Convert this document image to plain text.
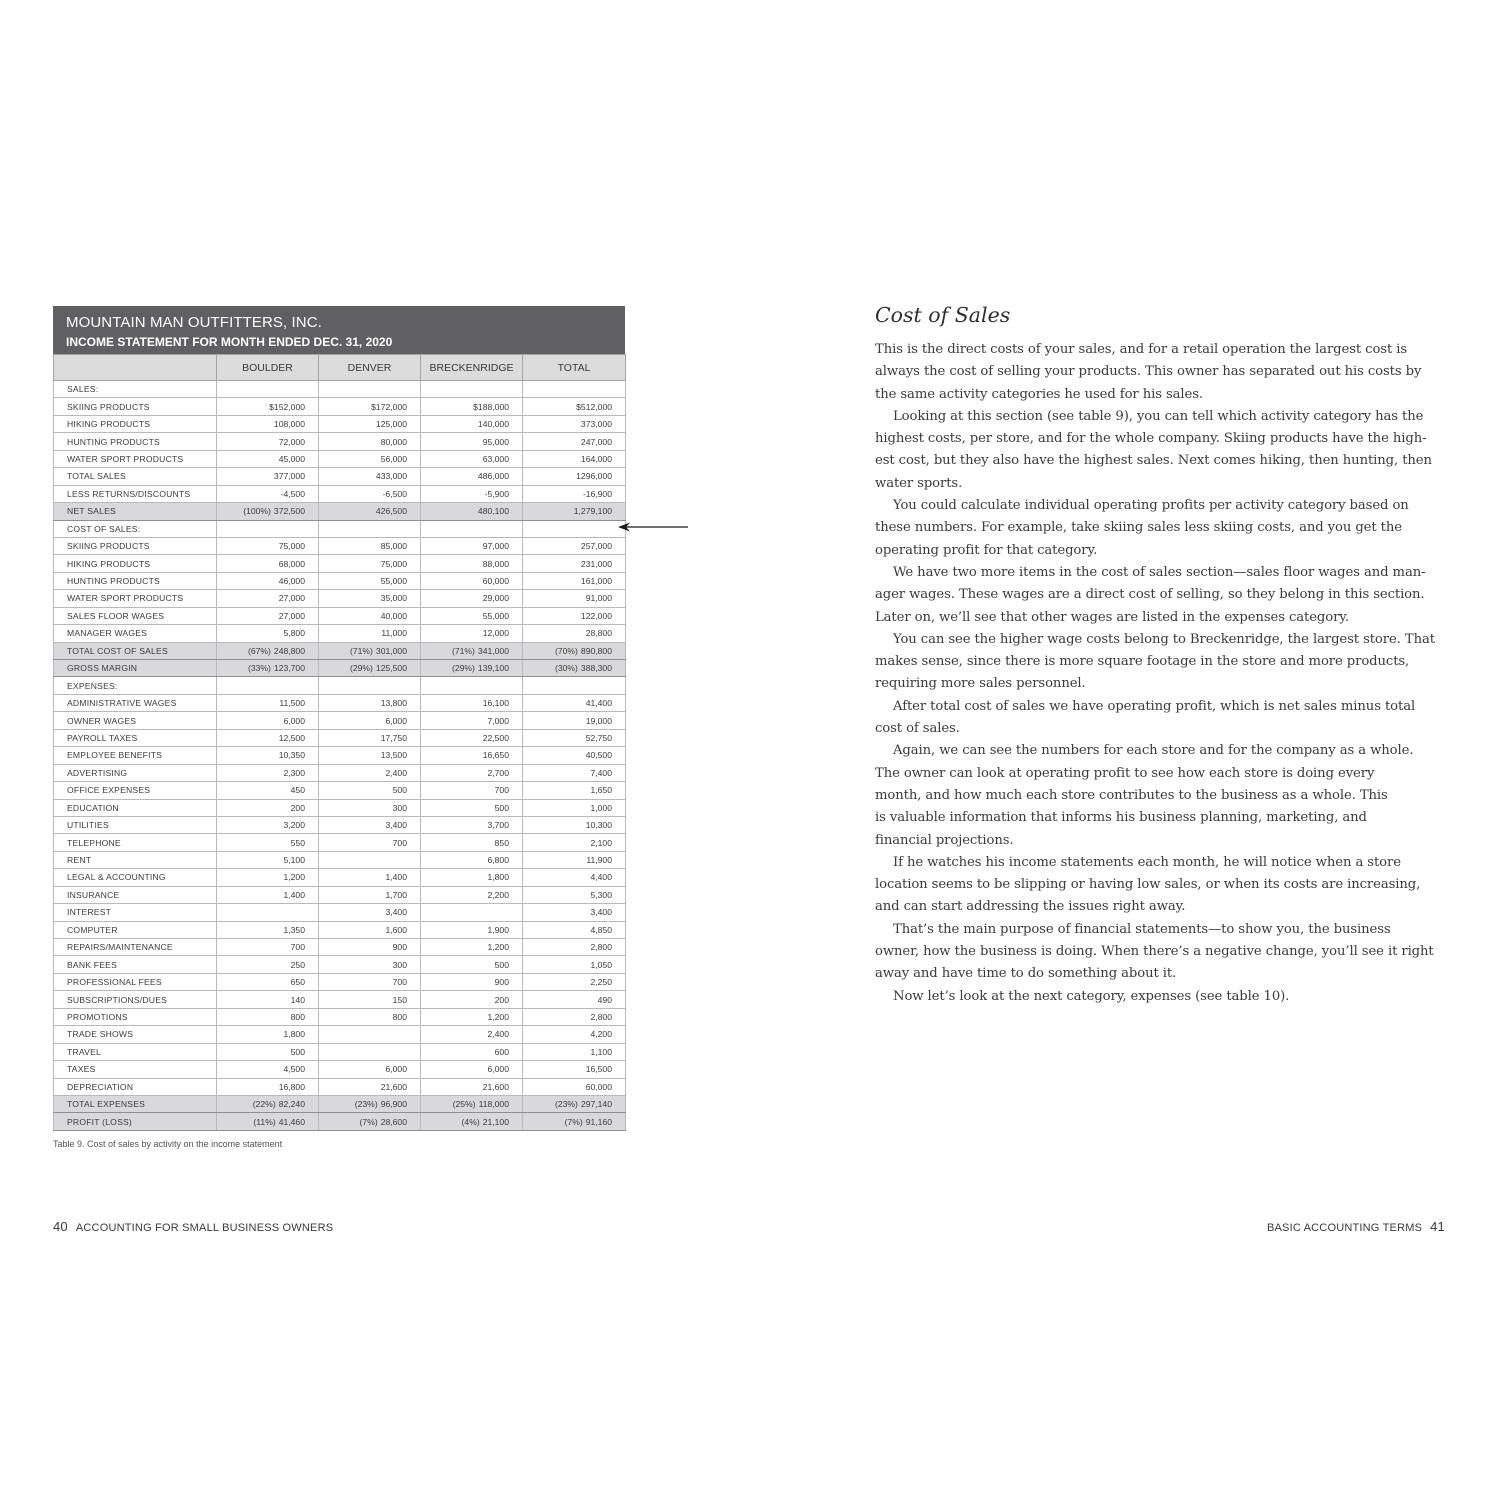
MOUNTAIN MAN OUTFITTERS, INC.
INCOME STATEMENT FOR MONTH ENDED DEC. 31, 2020
	BOULDER	DENVER	BRECKENRIDGE	TOTAL
SALES:				
SKIING PRODUCTS	$152,000	$172,000	$188,000	$512,000
HIKING PRODUCTS	108,000	125,000	140,000	373,000
HUNTING PRODUCTS	72,000	80,000	95,000	247,000
WATER SPORT PRODUCTS	45,000	56,000	63,000	164,000
TOTAL SALES	377,000	433,000	486,000	1296,000
LESS RETURNS/DISCOUNTS	-4,500	-6,500	-5,900	-16,900
NET SALES	(100%) 372,500	426,500	480,100	1,279,100
COST OF SALES:				
SKIING PRODUCTS	75,000	85,000	97,000	257,000
HIKING PRODUCTS	68,000	75,000	88,000	231,000
HUNTING PRODUCTS	46,000	55,000	60,000	161,000
WATER SPORT PRODUCTS	27,000	35,000	29,000	91,000
SALES FLOOR WAGES	27,000	40,000	55,000	122,000
MANAGER WAGES	5,800	11,000	12,000	28,800
TOTAL COST OF SALES	(67%) 248,800	(71%) 301,000	(71%) 341,000	(70%) 890,800
GROSS MARGIN	(33%) 123,700	(29%) 125,500	(29%) 139,100	(30%) 388,300
EXPENSES:				
ADMINISTRATIVE WAGES	11,500	13,800	16,100	41,400
OWNER WAGES	6,000	6,000	7,000	19,000
PAYROLL TAXES	12,500	17,750	22,500	52,750
EMPLOYEE BENEFITS	10,350	13,500	16,650	40,500
ADVERTISING	2,300	2,400	2,700	7,400
OFFICE EXPENSES	450	500	700	1,650
EDUCATION	200	300	500	1,000
UTILITIES	3,200	3,400	3,700	10,300
TELEPHONE	550	700	850	2,100
RENT	5,100		6,800	11,900
LEGAL & ACCOUNTING	1,200	1,400	1,800	4,400
INSURANCE	1,400	1,700	2,200	5,300
INTEREST		3,400		3,400
COMPUTER	1,350	1,600	1,900	4,850
REPAIRS/MAINTENANCE	700	900	1,200	2,800
BANK FEES	250	300	500	1,050
PROFESSIONAL FEES	650	700	900	2,250
SUBSCRIPTIONS/DUES	140	150	200	490
PROMOTIONS	800	800	1,200	2,800
TRADE SHOWS	1,800		2,400	4,200
TRAVEL	500		600	1,100
TAXES	4,500	6,000	6,000	16,500
DEPRECIATION	16,800	21,600	21,600	60,000
TOTAL EXPENSES	(22%) 82,240	(23%) 96,900	(25%) 118,000	(23%) 297,140
PROFIT (LOSS)	(11%) 41,460	(7%) 28,600	(4%) 21,100	(7%) 91,160
Table 9. Cost of sales by activity on the income statement
Cost of Sales

This is the direct costs of your sales, and for a retail operation the largest cost is
always the cost of selling your products. This owner has separated out his costs by
the same activity categories he used for his sales.

Looking at this section (see table 9), you can tell which activity category has the
highest costs, per store, and for the whole company. Skiing products have the high-
est cost, but they also have the highest sales. Next comes hiking, then hunting, then
water sports.

You could calculate individual operating profits per activity category based on
these numbers. For example, take skiing sales less skiing costs, and you get the
operating profit for that category.

We have two more items in the cost of sales section—sales floor wages and man-
ager wages. These wages are a direct cost of selling, so they belong in this section.
Later on, we’ll see that other wages are listed in the expenses category.

You can see the higher wage costs belong to Breckenridge, the largest store. That
makes sense, since there is more square footage in the store and more products,
requiring more sales personnel.

After total cost of sales we have operating profit, which is net sales minus total
cost of sales.

Again, we can see the numbers for each store and for the company as a whole.
The owner can look at operating profit to see how each store is doing every
month, and how much each store contributes to the business as a whole. This
is valuable information that informs his business planning, marketing, and
financial projections.

If he watches his income statements each month, he will notice when a store
location seems to be slipping or having low sales, or when its costs are increasing,
and can start addressing the issues right away.

That’s the main purpose of financial statements—to show you, the business
owner, how the business is doing. When there’s a negative change, you’ll see it right
away and have time to do something about it.

Now let’s look at the next category, expenses (see table 10).

40 ACCOUNTING FOR SMALL BUSINESS OWNERS	BASIC ACCOUNTING TERMS 41
